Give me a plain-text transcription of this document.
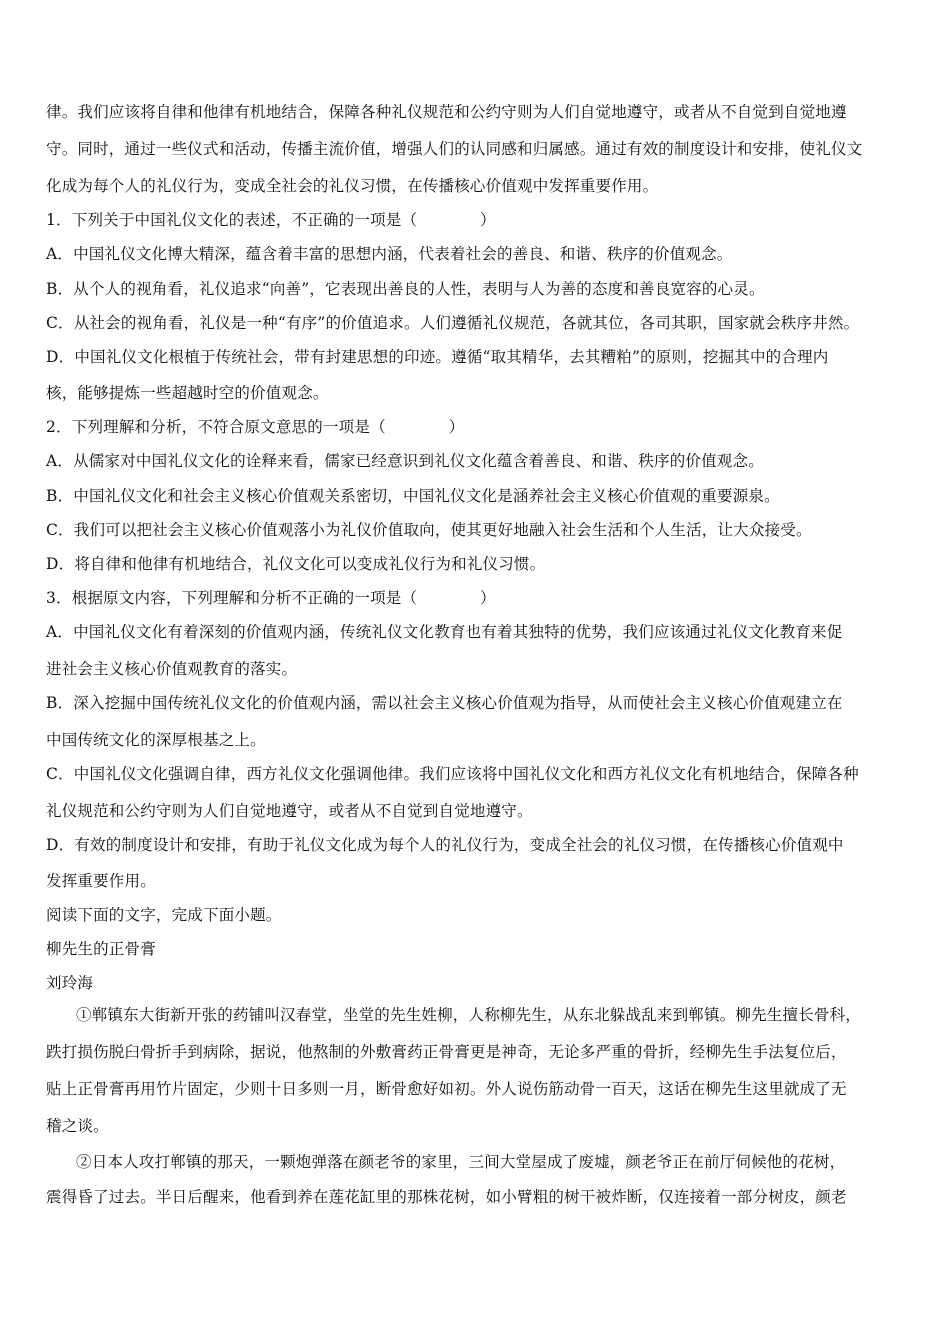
律。我们应该将自律和他律有机地结合，保障各种礼仪规范和公约守则为人们自觉地遵守，或者从不自觉到自觉地遵
守。同时，通过一些仪式和活动，传播主流价值，增强人们的认同感和归属感。通过有效的制度设计和安排，使礼仪文
化成为每个人的礼仪行为，变成全社会的礼仪习惯，在传播核心价值观中发挥重要作用。
1．下列关于中国礼仪文化的表述，不正确的一项是（　　　　）
A．中国礼仪文化博大精深，蕴含着丰富的思想内涵，代表着社会的善良、和谐、秩序的价值观念。
B．从个人的视角看，礼仪追求“向善”，它表现出善良的人性，表明与人为善的态度和善良宽容的心灵。
C．从社会的视角看，礼仪是一种“有序”的价值追求。人们遵循礼仪规范，各就其位，各司其职，国家就会秩序井然。
D．中国礼仪文化根植于传统社会，带有封建思想的印迹。遵循“取其精华，去其糟粕”的原则，挖掘其中的合理内
核，能够提炼一些超越时空的价值观念。
2．下列理解和分析，不符合原文意思的一项是（　　　　）
A．从儒家对中国礼仪文化的诠释来看，儒家已经意识到礼仪文化蕴含着善良、和谐、秩序的价值观念。
B．中国礼仪文化和社会主义核心价值观关系密切，中国礼仪文化是涵养社会主义核心价值观的重要源泉。
C．我们可以把社会主义核心价值观落小为礼仪价值取向，使其更好地融入社会生活和个人生活，让大众接受。
D．将自律和他律有机地结合，礼仪文化可以变成礼仪行为和礼仪习惯。
3．根据原文内容，下列理解和分析不正确的一项是（　　　　）
A．中国礼仪文化有着深刻的价值观内涵，传统礼仪文化教育也有着其独特的优势，我们应该通过礼仪文化教育来促
进社会主义核心价值观教育的落实。
B．深入挖掘中国传统礼仪文化的价值观内涵，需以社会主义核心价值观为指导，从而使社会主义核心价值观建立在
中国传统文化的深厚根基之上。
C．中国礼仪文化强调自律，西方礼仪文化强调他律。我们应该将中国礼仪文化和西方礼仪文化有机地结合，保障各种
礼仪规范和公约守则为人们自觉地遵守，或者从不自觉到自觉地遵守。
D．有效的制度设计和安排，有助于礼仪文化成为每个人的礼仪行为，变成全社会的礼仪习惯，在传播核心价值观中
发挥重要作用。
阅读下面的文字，完成下面小题。
柳先生的正骨膏
刘玲海
①郸镇东大街新开张的药铺叫汉春堂，坐堂的先生姓柳，人称柳先生，从东北躲战乱来到郸镇。柳先生擅长骨科，
跌打损伤脱臼骨折手到病除，据说，他熬制的外敷膏药正骨膏更是神奇，无论多严重的骨折，经柳先生手法复位后，
贴上正骨膏再用竹片固定，少则十日多则一月，断骨愈好如初。外人说伤筋动骨一百天，这话在柳先生这里就成了无
稽之谈。
②日本人攻打郸镇的那天，一颗炮弹落在颜老爷的家里，三间大堂屋成了废墟，颜老爷正在前厅伺候他的花树，
震得昏了过去。半日后醒来，他看到养在莲花缸里的那株花树，如小臂粗的树干被炸断，仅连接着一部分树皮，颜老
